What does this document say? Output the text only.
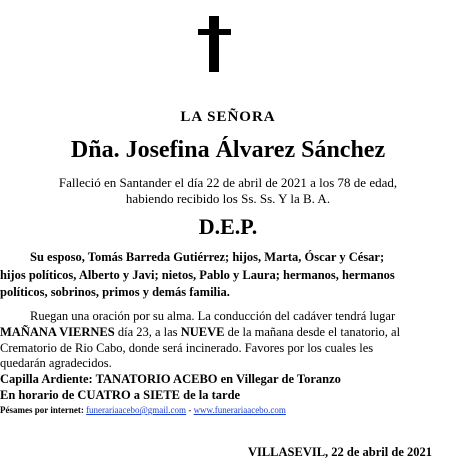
LA SEÑORA
Dña. Josefina Álvarez Sánchez
Falleció en Santander el día 22 de abril de 2021 a los 78 de edad,
habiendo recibido los Ss. Ss. Y la B. A.
D.E.P.
Su esposo, Tomás Barreda Gutiérrez; hijos, Marta, Óscar y César;
hijos políticos, Alberto y Javi; nietos, Pablo y Laura; hermanos, hermanos
políticos, sobrinos, primos y demás familia.
Ruegan una oración por su alma. La conducción del cadáver tendrá lugar
MAÑANA VIERNES día 23, a las NUEVE de la mañana desde el tanatorio, al
Crematorio de Rio Cabo, donde será incinerado. Favores por los cuales les
quedarán agradecidos.
Capilla Ardiente: TANATORIO ACEBO en Villegar de Toranzo
En horario de CUATRO a SIETE de la tarde
Pésames por internet: funerariaacebo@gmail.com - www.funerariaacebo.com
VILLASEVIL, 22 de abril de 2021
